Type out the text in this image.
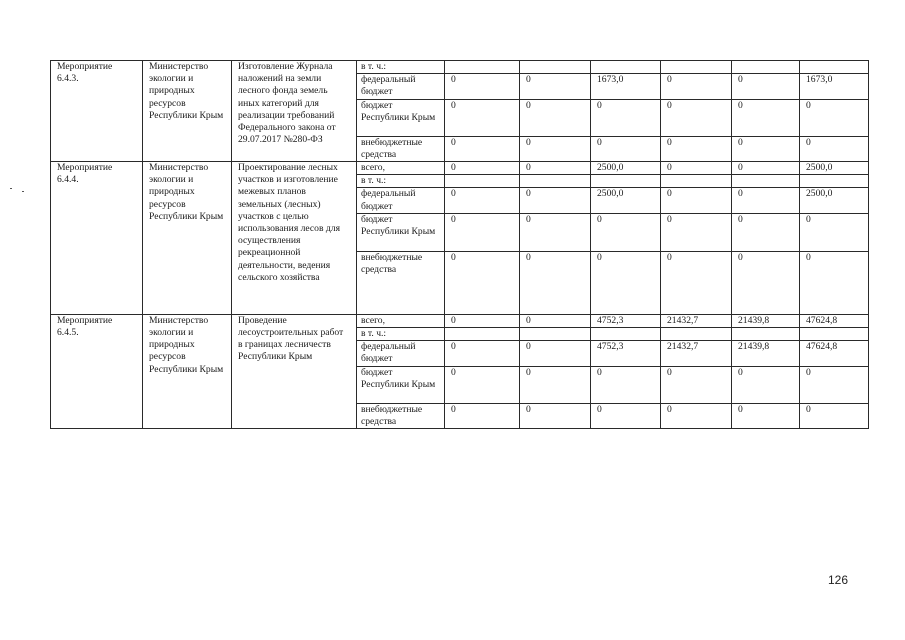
Мероприятие 6.4.3.	Министерство экологии и природных ресурсов Республики Крым	Изготовление Журнала наложений на земли лесного фонда земель иных категорий для реализации требований Федерального закона от 29.07.2017 №280-ФЗ	в т. ч.:						
			федеральный бюджет	0	0	1673,0	0	0	1673,0
			бюджет Республики Крым	0	0	0	0	0	0
			внебюджетные средства	0	0	0	0	0	0
Мероприятие 6.4.4.	Министерство экологии и природных ресурсов Республики Крым	Проектирование лесных участков и изготовление межевых планов земельных (лесных) участков с целью использования лесов для осуществления рекреационной деятельности, ведения сельского хозяйства	всего,	0	0	2500,0	0	0	2500,0
			в т. ч.:						
			федеральный бюджет	0	0	2500,0	0	0	2500,0
			бюджет Республики Крым	0	0	0	0	0	0
			внебюджетные средства	0	0	0	0	0	0
Мероприятие 6.4.5.	Министерство экологии и природных ресурсов Республики Крым	Проведение лесоустроительных работ в границах лесничеств Республики Крым	всего,	0	0	4752,3	21432,7	21439,8	47624,8
			в т. ч.:						
			федеральный бюджет	0	0	4752,3	21432,7	21439,8	47624,8
			бюджет Республики Крым	0	0	0	0	0	0
			внебюджетные средства	0	0	0	0	0	0
126
